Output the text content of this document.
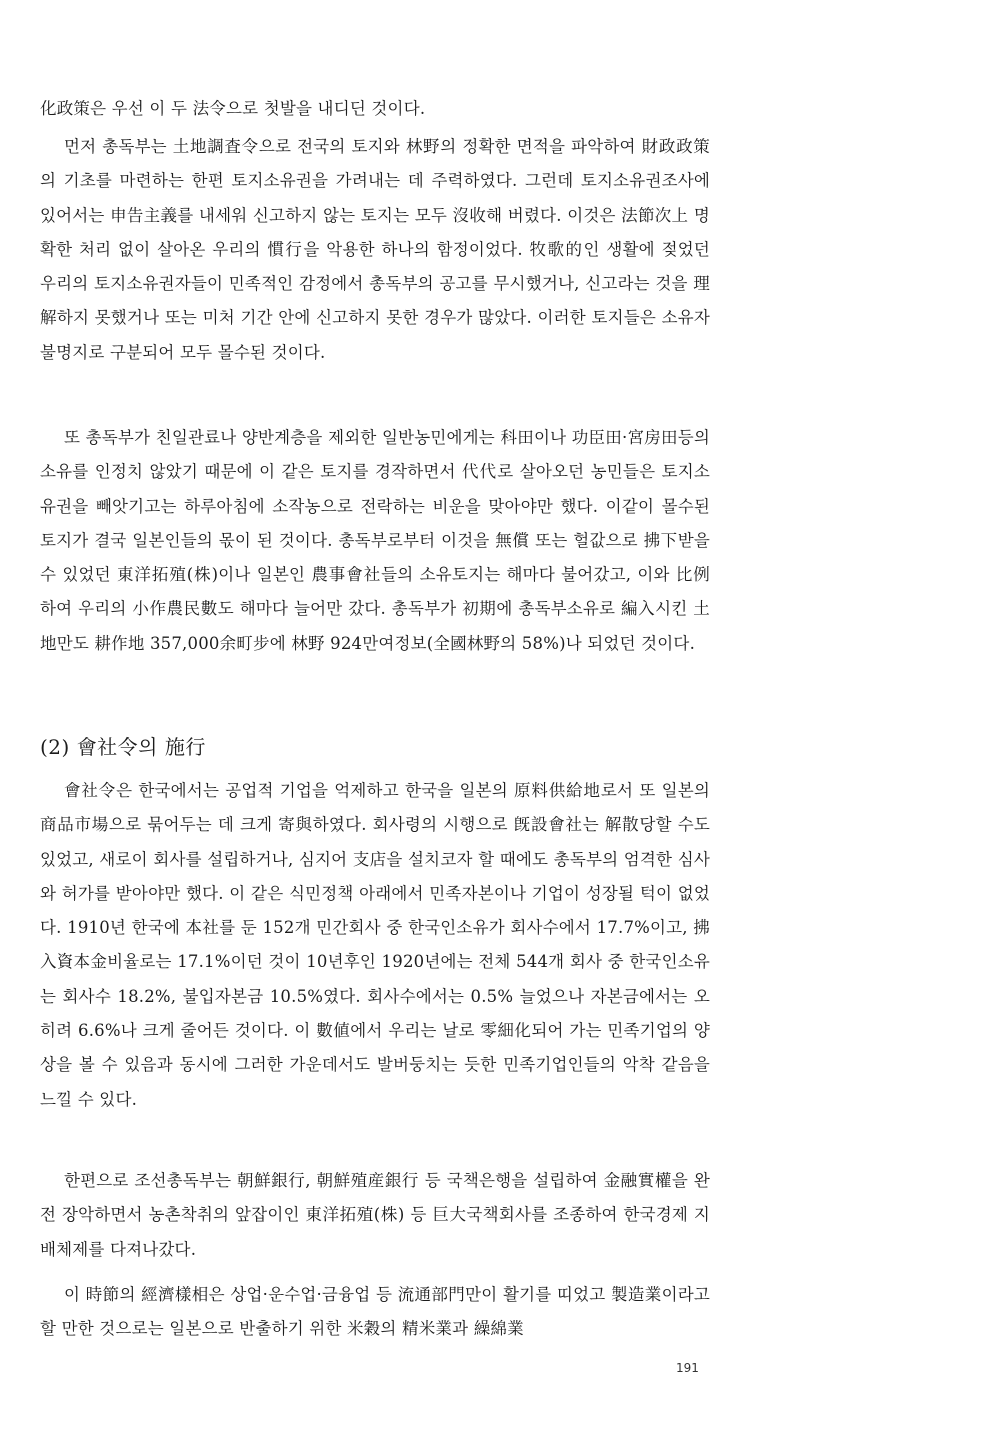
化政策은 우선 이 두 法令으로 첫발을 내디딘 것이다.

먼저 총독부는 土地調査令으로 전국의 토지와 林野의 정확한 면적을 파악하여 財政政策의 기초를 마련하는 한편 토지소유권을 가려내는 데 주력하였다. 그런데 토지소유권조사에 있어서는 申告主義를 내세워 신고하지 않는 토지는 모두 沒收해 버렸다. 이것은 法節次上 명확한 처리 없이 살아온 우리의 慣行을 악용한 하나의 함정이었다. 牧歌的인 생활에 젖었던 우리의 토지소유권자들이 민족적인 감정에서 총독부의 공고를 무시했거나, 신고라는 것을 理解하지 못했거나 또는 미처 기간 안에 신고하지 못한 경우가 많았다. 이러한 토지들은 소유자불명지로 구분되어 모두 몰수된 것이다.

또 총독부가 친일관료나 양반계층을 제외한 일반농민에게는 科田이나 功臣田·宮房田등의 소유를 인정치 않았기 때문에 이 같은 토지를 경작하면서 代代로 살아오던 농민들은 토지소유권을 빼앗기고는 하루아침에 소작농으로 전락하는 비운을 맞아야만 했다. 이같이 몰수된 토지가 결국 일본인들의 몫이 된 것이다. 총독부로부터 이것을 無償 또는 헐값으로 拂下받을 수 있었던 東洋拓殖(株)이나 일본인 農事會社들의 소유토지는 해마다 불어갔고, 이와 比例하여 우리의 小作農民數도 해마다 늘어만 갔다. 총독부가 初期에 총독부소유로 編入시킨 土地만도 耕作地 357,000余町步에 林野 924만여정보(全國林野의 58%)나 되었던 것이다.

(2) 會社令의 施行

會社令은 한국에서는 공업적 기업을 억제하고 한국을 일본의 原料供給地로서 또 일본의 商品市場으로 묶어두는 데 크게 寄與하였다. 회사령의 시행으로 旣設會社는 解散당할 수도 있었고, 새로이 회사를 설립하거나, 심지어 支店을 설치코자 할 때에도 총독부의 엄격한 심사와 허가를 받아야만 했다. 이 같은 식민정책 아래에서 민족자본이나 기업이 성장될 턱이 없었다. 1910년 한국에 本社를 둔 152개 민간회사 중 한국인소유가 회사수에서 17.7%이고, 拂入資本金비율로는 17.1%이던 것이 10년후인 1920년에는 전체 544개 회사 중 한국인소유는 회사수 18.2%, 불입자본금 10.5%였다. 회사수에서는 0.5% 늘었으나 자본금에서는 오히려 6.6%나 크게 줄어든 것이다. 이 數値에서 우리는 날로 零細化되어 가는 민족기업의 양상을 볼 수 있음과 동시에 그러한 가운데서도 발버둥치는 듯한 민족기업인들의 악착 같음을 느낄 수 있다.

한편으로 조선총독부는 朝鮮銀行, 朝鮮殖産銀行 등 국책은행을 설립하여 金融實權을 완전 장악하면서 농촌착취의 앞잡이인 東洋拓殖(株) 등 巨大국책회사를 조종하여 한국경제 지배체제를 다져나갔다.

이 時節의 經濟樣相은 상업·운수업·금융업 등 流通部門만이 활기를 띠었고 製造業이라고 할 만한 것으로는 일본으로 반출하기 위한 米穀의 精米業과 繰綿業

191
